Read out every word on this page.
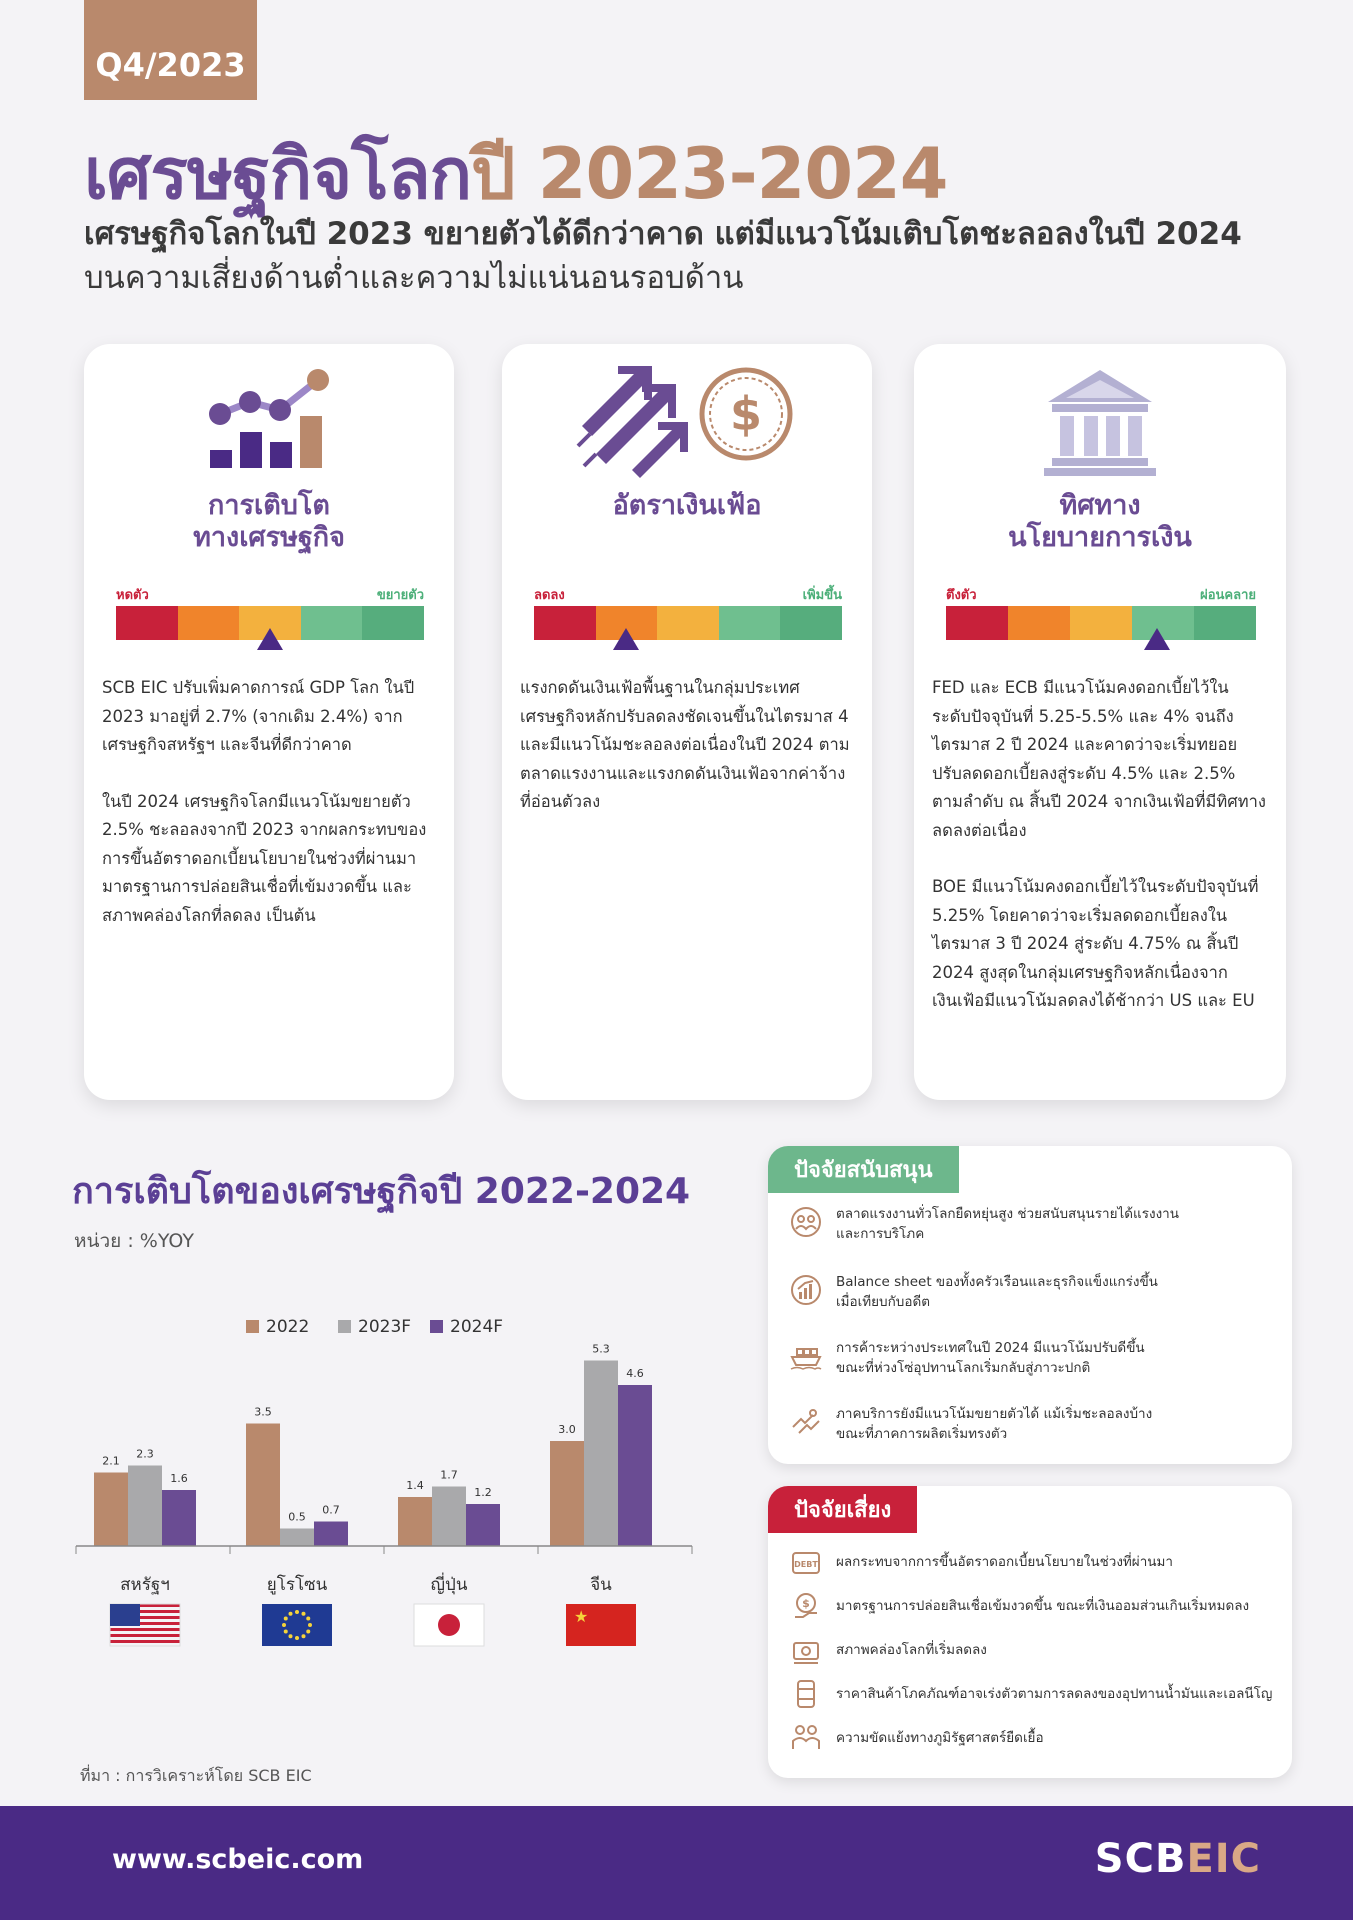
Q4/2023
เศรษฐกิจโลกปี 2023-2024
เศรษฐกิจโลกในปี 2023 ขยายตัวได้ดีกว่าคาด แต่มีแนวโน้มเติบโตชะลอลงในปี 2024
บนความเสี่ยงด้านต่ำและความไม่แน่นอนรอบด้าน
การเติบโต
ทางเศรษฐกิจ
หดตัว	ขยายตัว

SCB EIC ปรับเพิ่มคาดการณ์ GDP โลก ในปี 2023 มาอยู่ที่ 2.7% (จากเดิม 2.4%) จากเศรษฐกิจสหรัฐฯ และจีนที่ดีกว่าคาด

ในปี 2024 เศรษฐกิจโลกมีแนวโน้มขยายตัว 2.5% ชะลอลงจากปี 2023 จากผลกระทบของการขึ้นอัตราดอกเบี้ยนโยบายในช่วงที่ผ่านมา มาตรฐานการปล่อยสินเชื่อที่เข้มงวดขึ้น และสภาพคล่องโลกที่ลดลง เป็นต้น

$
อัตราเงินเฟ้อ
ลดลง	เพิ่มขึ้น

แรงกดดันเงินเฟ้อพื้นฐานในกลุ่มประเทศเศรษฐกิจหลักปรับลดลงชัดเจนขึ้นในไตรมาส 4 และมีแนวโน้มชะลอลงต่อเนื่องในปี 2024 ตามตลาดแรงงานและแรงกดดันเงินเฟ้อจากค่าจ้างที่อ่อนตัวลง

ทิศทาง
นโยบายการเงิน
ตึงตัว	ผ่อนคลาย

FED และ ECB มีแนวโน้มคงดอกเบี้ยไว้ในระดับปัจจุบันที่ 5.25-5.5% และ 4% จนถึงไตรมาส 2 ปี 2024 และคาดว่าจะเริ่มทยอยปรับลดดอกเบี้ยลงสู่ระดับ 4.5% และ 2.5% ตามลำดับ ณ สิ้นปี 2024 จากเงินเฟ้อที่มีทิศทางลดลงต่อเนื่อง

BOE มีแนวโน้มคงดอกเบี้ยไว้ในระดับปัจจุบันที่ 5.25% โดยคาดว่าจะเริ่มลดดอกเบี้ยลงในไตรมาส 3 ปี 2024 สู่ระดับ 4.75% ณ สิ้นปี 2024 สูงสุดในกลุ่มเศรษฐกิจหลักเนื่องจากเงินเฟ้อมีแนวโน้มลดลงได้ช้ากว่า US และ EU

การเติบโตของเศรษฐกิจปี 2022-2024
หน่วย : %YOY
2022	2023F 2024F
2.1
2.3
1.6
สหรัฐฯ
3.5
0.5
0.7
ยูโรโซน
1.4
1.7
1.2
ญี่ปุ่น
3.0
5.3
4.6
จีน
★
ที่มา : การวิเคราะห์โดย SCB EIC
ปัจจัยสนับสนุน
ตลาดแรงงานทั่วโลกยืดหยุ่นสูง ช่วยสนับสนุนรายได้แรงงาน
และการบริโภค
Balance sheet ของทั้งครัวเรือนและธุรกิจแข็งแกร่งขึ้น
เมื่อเทียบกับอดีต
การค้าระหว่างประเทศในปี 2024 มีแนวโน้มปรับดีขึ้น
ขณะที่ห่วงโซ่อุปทานโลกเริ่มกลับสู่ภาวะปกติ
ภาคบริการยังมีแนวโน้มขยายตัวได้ แม้เริ่มชะลอลงบ้าง
ขณะที่ภาคการผลิตเริ่มทรงตัว
ปัจจัยเสี่ยง
DEBT ผลกระทบจากการขึ้นอัตราดอกเบี้ยนโยบายในช่วงที่ผ่านมา
$ มาตรฐานการปล่อยสินเชื่อเข้มงวดขึ้น ขณะที่เงินออมส่วนเกินเริ่มหมดลง
สภาพคล่องโลกที่เริ่มลดลง
ราคาสินค้าโภคภัณฑ์อาจเร่งตัวตามการลดลงของอุปทานน้ำมันและเอลนีโญ
ความขัดแย้งทางภูมิรัฐศาสตร์ยืดเยื้อ
www.scbeic.com	SCBEIC
